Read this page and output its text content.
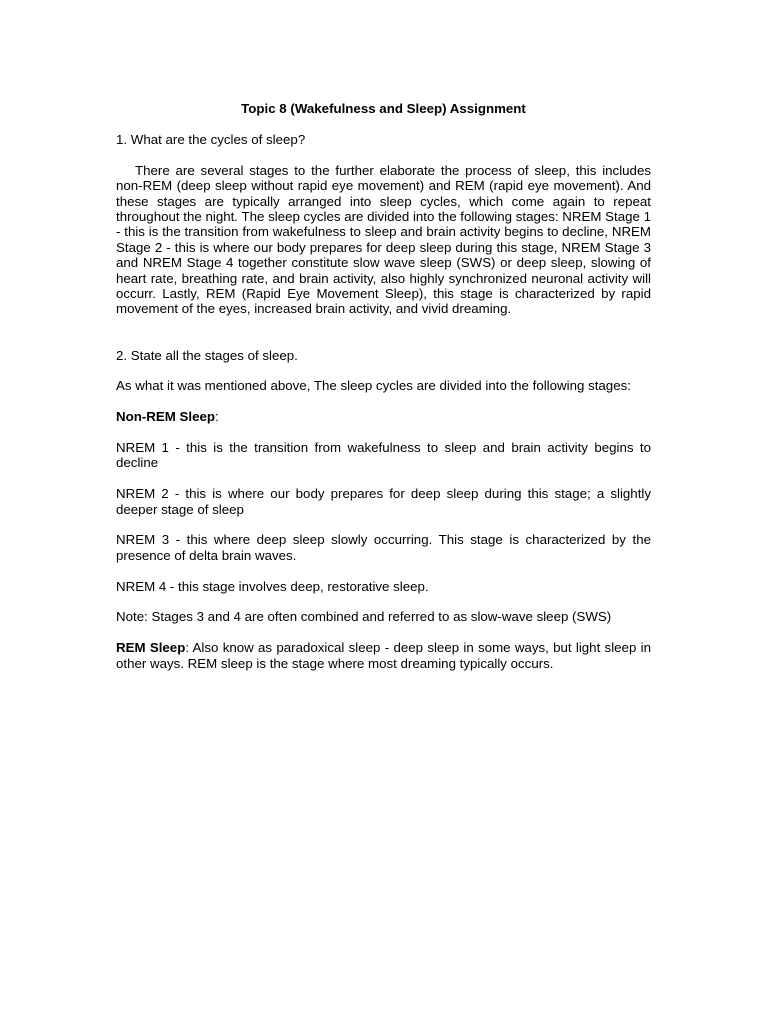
Topic 8 (Wakefulness and Sleep) Assignment
1. What are the cycles of sleep?
There are several stages to the further elaborate the process of sleep, this includes non-REM (deep sleep without rapid eye movement) and REM (rapid eye movement). And these stages are typically arranged into sleep cycles, which come again to repeat throughout the night. The sleep cycles are divided into the following stages: NREM Stage 1 - this is the transition from wakefulness to sleep and brain activity begins to decline, NREM Stage 2 - this is where our body prepares for deep sleep during this stage, NREM Stage 3 and NREM Stage 4 together constitute slow wave sleep (SWS) or deep sleep, slowing of heart rate, breathing rate, and brain activity, also highly synchronized neuronal activity will occurr. Lastly, REM (Rapid Eye Movement Sleep), this stage is characterized by rapid movement of the eyes, increased brain activity, and vivid dreaming.
2. State all the stages of sleep.
As what it was mentioned above, The sleep cycles are divided into the following stages:
Non-REM Sleep:
NREM 1 - this is the transition from wakefulness to sleep and brain activity begins to decline
NREM 2 - this is where our body prepares for deep sleep during this stage; a slightly deeper stage of sleep
NREM 3 - this where deep sleep slowly occurring. This stage is characterized by the presence of delta brain waves.
NREM 4 - this stage involves deep, restorative sleep.
Note: Stages 3 and 4 are often combined and referred to as slow-wave sleep (SWS)
REM Sleep: Also know as paradoxical sleep - deep sleep in some ways, but light sleep in other ways. REM sleep is the stage where most dreaming typically occurs.
